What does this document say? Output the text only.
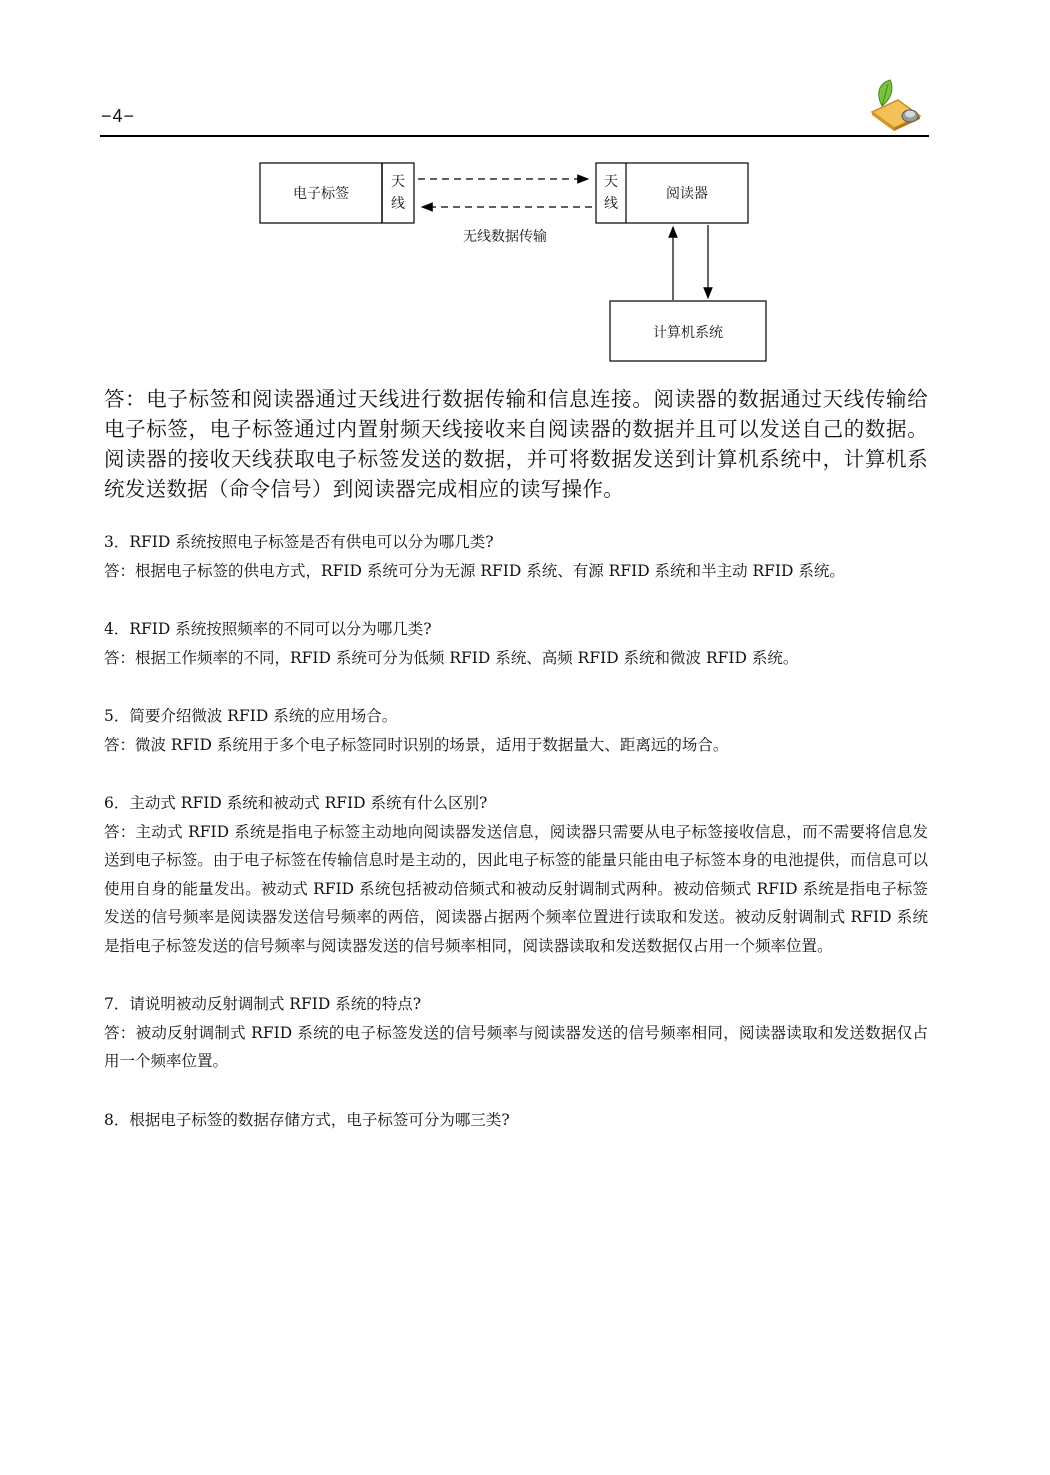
−4−
电子标签
天
线
天
线
阅读器
无线数据传输
计算机系统

答：电子标签和阅读器通过天线进行数据传输和信息连接。阅读器的数据通过天线传输给电子标签，电子标签通过内置射频天线接收来自阅读器的数据并且可以发送自己的数据。阅读器的接收天线获取电子标签发送的数据，并可将数据发送到计算机系统中，计算机系统发送数据（命令信号）到阅读器完成相应的读写操作。

3．RFID 系统按照电子标签是否有供电可以分为哪几类?

答：根据电子标签的供电方式，RFID 系统可分为无源 RFID 系统、有源 RFID 系统和半主动 RFID 系统。

4．RFID 系统按照频率的不同可以分为哪几类?

答：根据工作频率的不同，RFID 系统可分为低频 RFID 系统、高频 RFID 系统和微波 RFID 系统。

5．简要介绍微波 RFID 系统的应用场合。

答：微波 RFID 系统用于多个电子标签同时识别的场景，适用于数据量大、距离远的场合。

6．主动式 RFID 系统和被动式 RFID 系统有什么区别?

答：主动式 RFID 系统是指电子标签主动地向阅读器发送信息，阅读器只需要从电子标签接收信息，而不需要将信息发送到电子标签。由于电子标签在传输信息时是主动的，因此电子标签的能量只能由电子标签本身的电池提供，而信息可以使用自身的能量发出。被动式 RFID 系统包括被动倍频式和被动反射调制式两种。被动倍频式 RFID 系统是指电子标签发送的信号频率是阅读器发送信号频率的两倍，阅读器占据两个频率位置进行读取和发送。被动反射调制式 RFID 系统是指电子标签发送的信号频率与阅读器发送的信号频率相同，阅读器读取和发送数据仅占用一个频率位置。

7．请说明被动反射调制式 RFID 系统的特点?

答：被动反射调制式 RFID 系统的电子标签发送的信号频率与阅读器发送的信号频率相同，阅读器读取和发送数据仅占用一个频率位置。

8．根据电子标签的数据存储方式，电子标签可分为哪三类?
